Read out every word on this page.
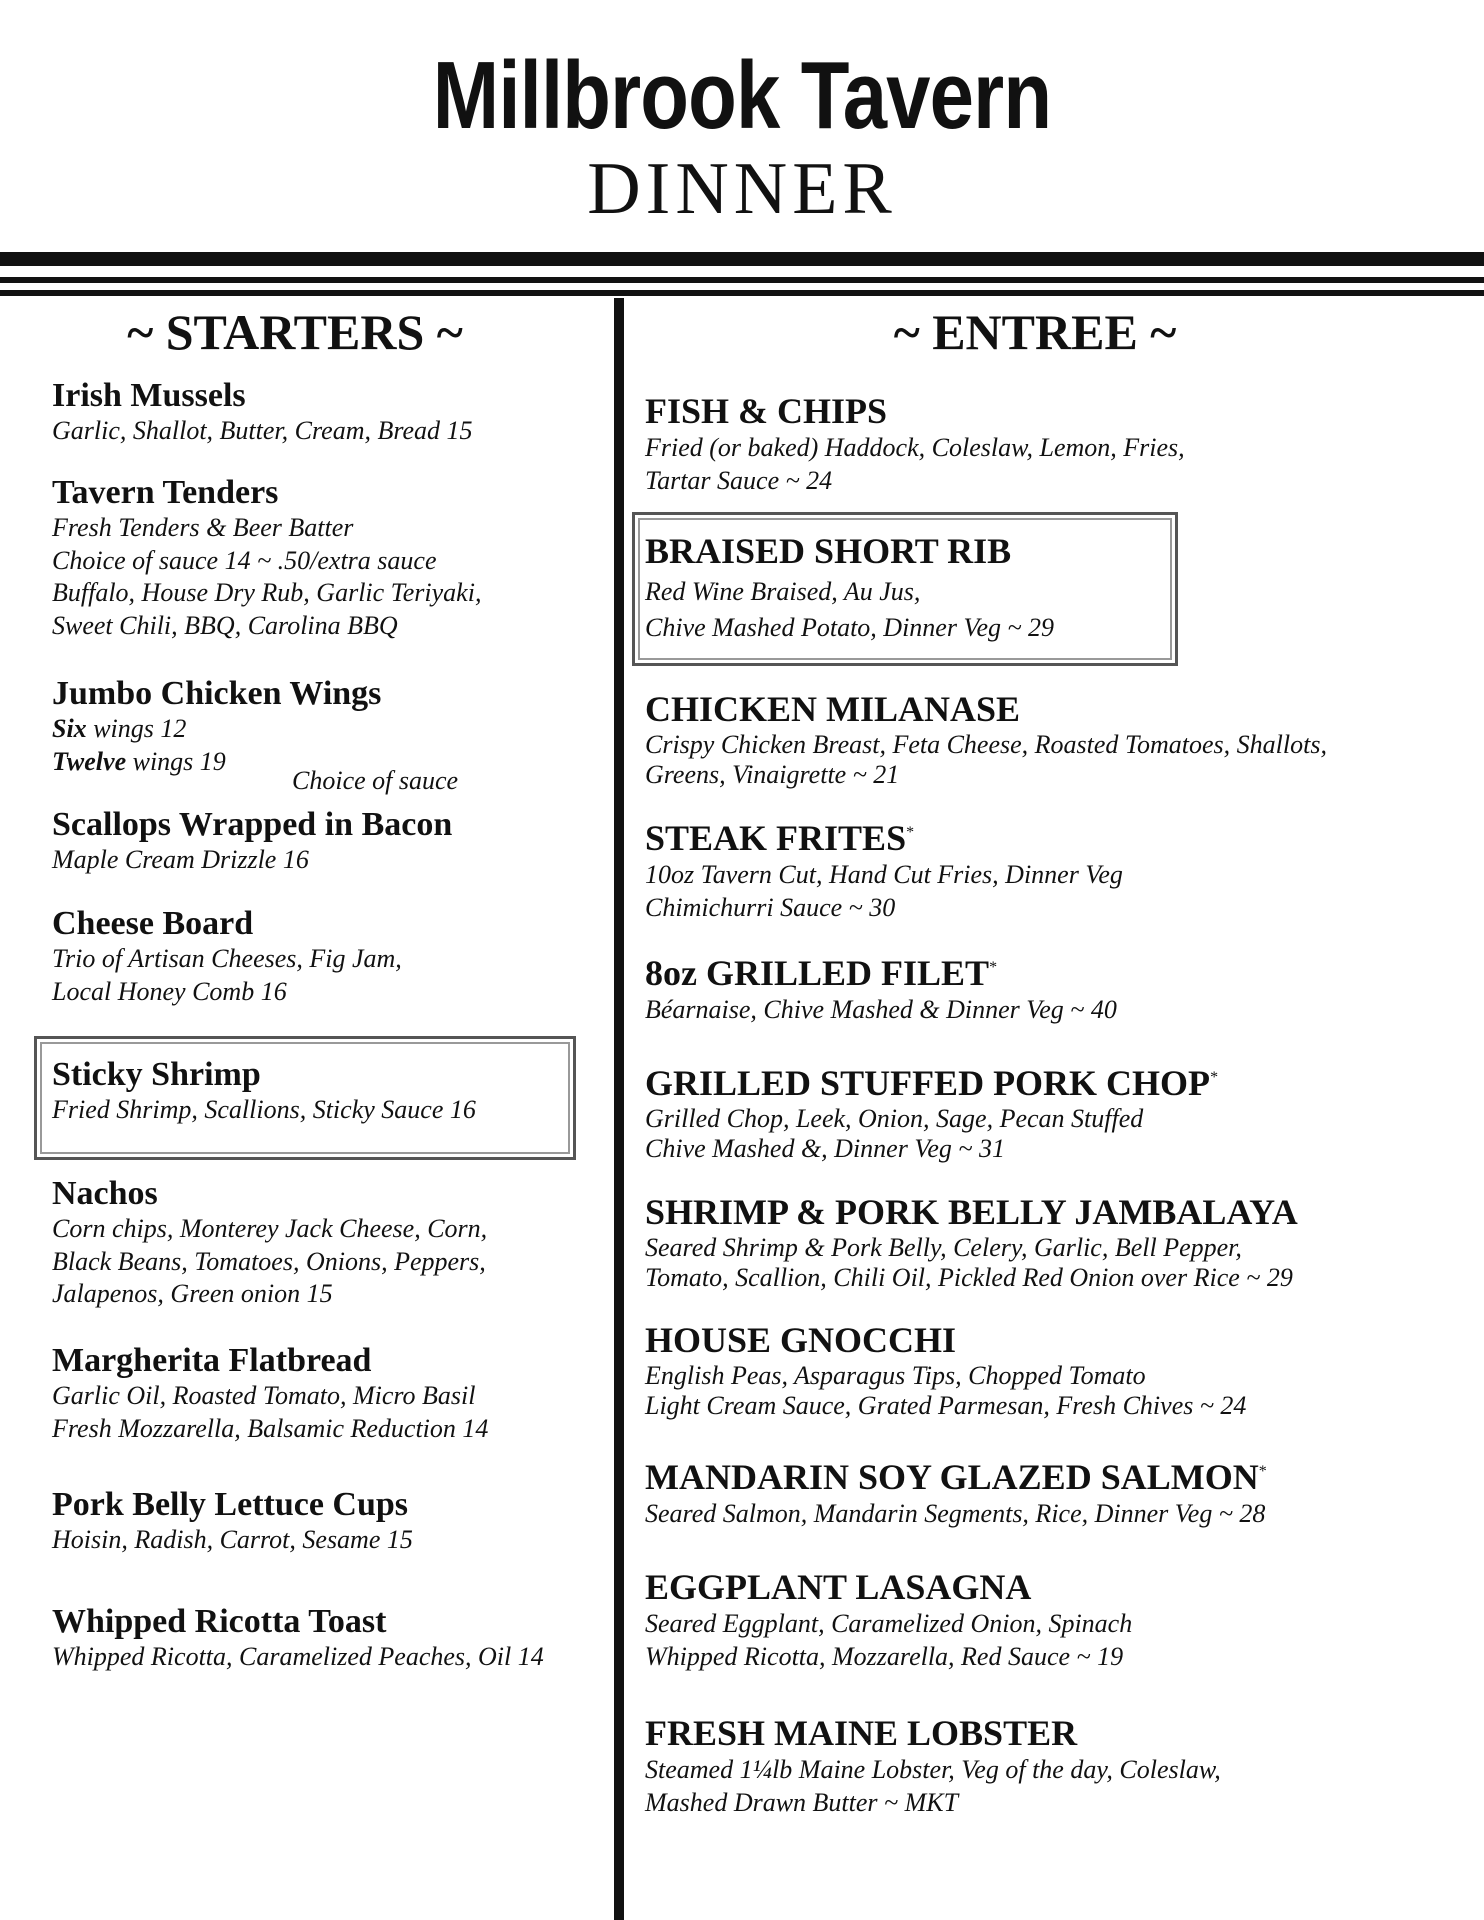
Millbrook Tavern
DINNER
~ STARTERS ~	~ ENTREE ~
Irish Mussels
Garlic, Shallot, Butter, Cream, Bread 15
Tavern Tenders
Fresh Tenders & Beer Batter
Choice of sauce 14 ~ .50/extra sauce
Buffalo, House Dry Rub, Garlic Teriyaki,
Sweet Chili, BBQ, Carolina BBQ
Jumbo Chicken Wings
Six wings 12
Twelve wings 19
Choice of sauce
Scallops Wrapped in Bacon
Maple Cream Drizzle 16
Cheese Board
Trio of Artisan Cheeses, Fig Jam,
Local Honey Comb 16
Sticky Shrimp
Fried Shrimp, Scallions, Sticky Sauce 16
Nachos
Corn chips, Monterey Jack Cheese, Corn,
Black Beans, Tomatoes, Onions, Peppers,
Jalapenos, Green onion 15
Margherita Flatbread
Garlic Oil, Roasted Tomato, Micro Basil
Fresh Mozzarella, Balsamic Reduction 14
Pork Belly Lettuce Cups
Hoisin, Radish, Carrot, Sesame 15
Whipped Ricotta Toast
Whipped Ricotta, Caramelized Peaches, Oil 14
FISH & CHIPS
Fried (or baked) Haddock, Coleslaw, Lemon, Fries,
Tartar Sauce ~ 24
BRAISED SHORT RIB
Red Wine Braised, Au Jus,
Chive Mashed Potato, Dinner Veg ~ 29
CHICKEN MILANASE
Crispy Chicken Breast, Feta Cheese, Roasted Tomatoes, Shallots,
Greens, Vinaigrette ~ 21
STEAK FRITES*
10oz Tavern Cut, Hand Cut Fries, Dinner Veg
Chimichurri Sauce ~ 30
8oz GRILLED FILET*
Béarnaise, Chive Mashed & Dinner Veg ~ 40
GRILLED STUFFED PORK CHOP*
Grilled Chop, Leek, Onion, Sage, Pecan Stuffed
Chive Mashed &, Dinner Veg ~ 31
SHRIMP & PORK BELLY JAMBALAYA
Seared Shrimp & Pork Belly, Celery, Garlic, Bell Pepper,
Tomato, Scallion, Chili Oil, Pickled Red Onion over Rice ~ 29
HOUSE GNOCCHI
English Peas, Asparagus Tips, Chopped Tomato
Light Cream Sauce, Grated Parmesan, Fresh Chives ~ 24
MANDARIN SOY GLAZED SALMON*
Seared Salmon, Mandarin Segments, Rice, Dinner Veg ~ 28
EGGPLANT LASAGNA
Seared Eggplant, Caramelized Onion, Spinach
Whipped Ricotta, Mozzarella, Red Sauce ~ 19
FRESH MAINE LOBSTER
Steamed 1¼lb Maine Lobster, Veg of the day, Coleslaw,
Mashed Drawn Butter ~ MKT
